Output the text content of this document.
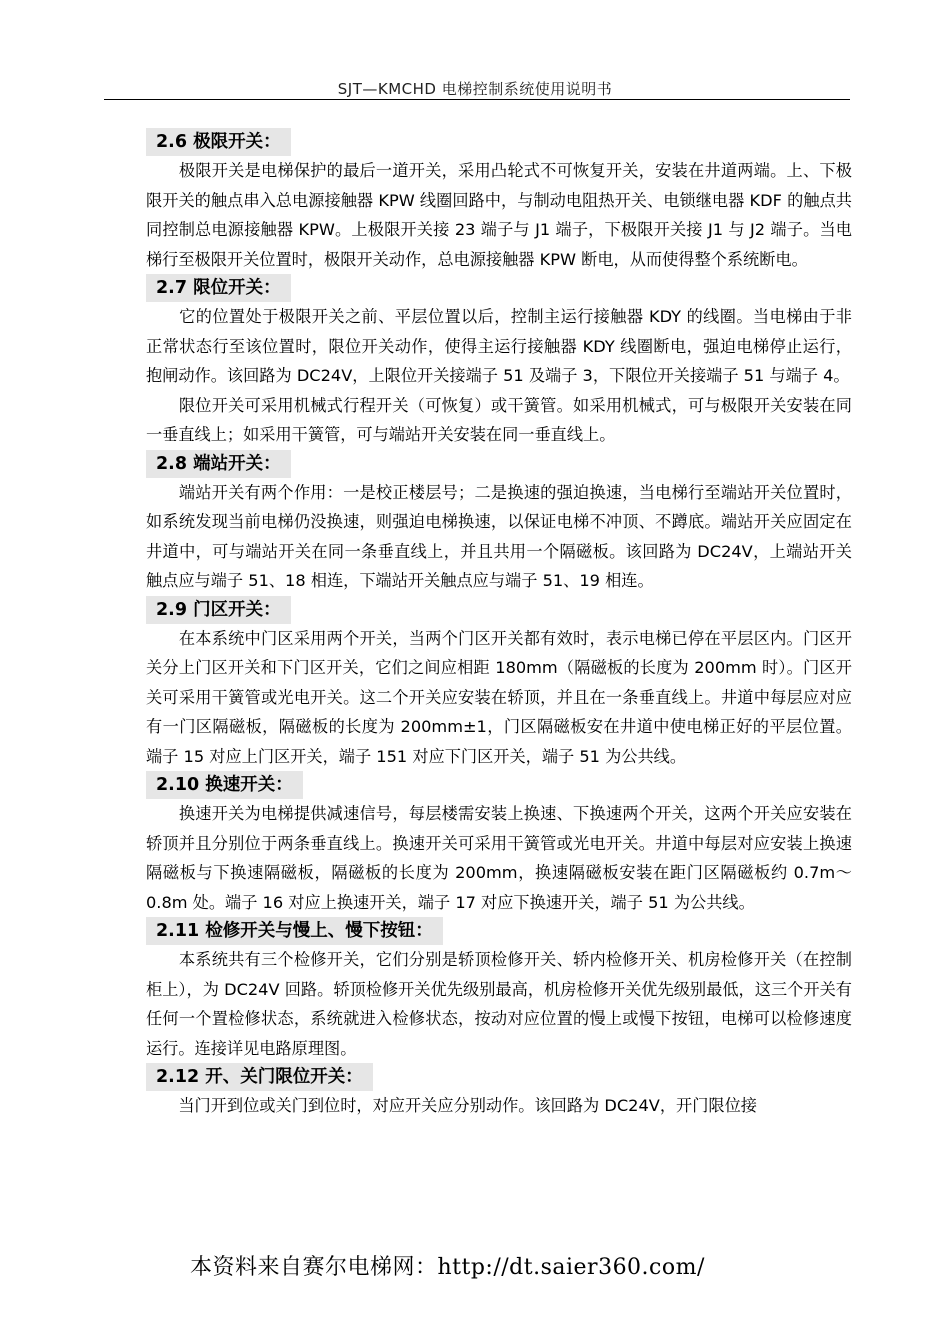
SJT—KMCHD 电梯控制系统使用说明书
2.6 极限开关：

　　极限开关是电梯保护的最后一道开关，采用凸轮式不可恢复开关，安装在井道两端。上、下极限开关的触点串入总电源接触器 KPW 线圈回路中，与制动电阻热开关、电锁继电器 KDF 的触点共同控制总电源接触器 KPW。上极限开关接 23 端子与 J1 端子，下极限开关接 J1 与 J2 端子。当电梯行至极限开关位置时，极限开关动作，总电源接触器 KPW 断电，从而使得整个系统断电。

2.7 限位开关：

　　它的位置处于极限开关之前、平层位置以后，控制主运行接触器 KDY 的线圈。当电梯由于非正常状态行至该位置时，限位开关动作，使得主运行接触器 KDY 线圈断电，强迫电梯停止运行，抱闸动作。该回路为 DC24V，上限位开关接端子 51 及端子 3，下限位开关接端子 51 与端子 4。

　　限位开关可采用机械式行程开关（可恢复）或干簧管。如采用机械式，可与极限开关安装在同一垂直线上；如采用干簧管，可与端站开关安装在同一垂直线上。

2.8 端站开关：

　　端站开关有两个作用：一是校正楼层号；二是换速的强迫换速，当电梯行至端站开关位置时，如系统发现当前电梯仍没换速，则强迫电梯换速，以保证电梯不冲顶、不蹲底。端站开关应固定在井道中，可与端站开关在同一条垂直线上，并且共用一个隔磁板。该回路为 DC24V，上端站开关触点应与端子 51、18 相连，下端站开关触点应与端子 51、19 相连。

2.9 门区开关：

　　在本系统中门区采用两个开关，当两个门区开关都有效时，表示电梯已停在平层区内。门区开关分上门区开关和下门区开关，它们之间应相距 180mm（隔磁板的长度为 200mm 时）。门区开关可采用干簧管或光电开关。这二个开关应安装在轿顶，并且在一条垂直线上。井道中每层应对应有一门区隔磁板，隔磁板的长度为 200mm±1，门区隔磁板安在井道中使电梯正好的平层位置。端子 15 对应上门区开关，端子 151 对应下门区开关，端子 51 为公共线。

2.10 换速开关：

　　换速开关为电梯提供减速信号，每层楼需安装上换速、下换速两个开关，这两个开关应安装在轿顶并且分别位于两条垂直线上。换速开关可采用干簧管或光电开关。井道中每层对应安装上换速隔磁板与下换速隔磁板，隔磁板的长度为 200mm，换速隔磁板安装在距门区隔磁板约 0.7m～0.8m 处。端子 16 对应上换速开关，端子 17 对应下换速开关，端子 51 为公共线。

2.11 检修开关与慢上、慢下按钮：

　　本系统共有三个检修开关，它们分别是轿顶检修开关、轿内检修开关、机房检修开关（在控制柜上），为 DC24V 回路。轿顶检修开关优先级别最高，机房检修开关优先级别最低，这三个开关有任何一个置检修状态，系统就进入检修状态，按动对应位置的慢上或慢下按钮，电梯可以检修速度运行。连接详见电路原理图。

2.12 开、关门限位开关：

　　当门开到位或关门到位时，对应开关应分别动作。该回路为 DC24V，开门限位接

本资料来自赛尔电梯网：http://dt.saier360.com/
